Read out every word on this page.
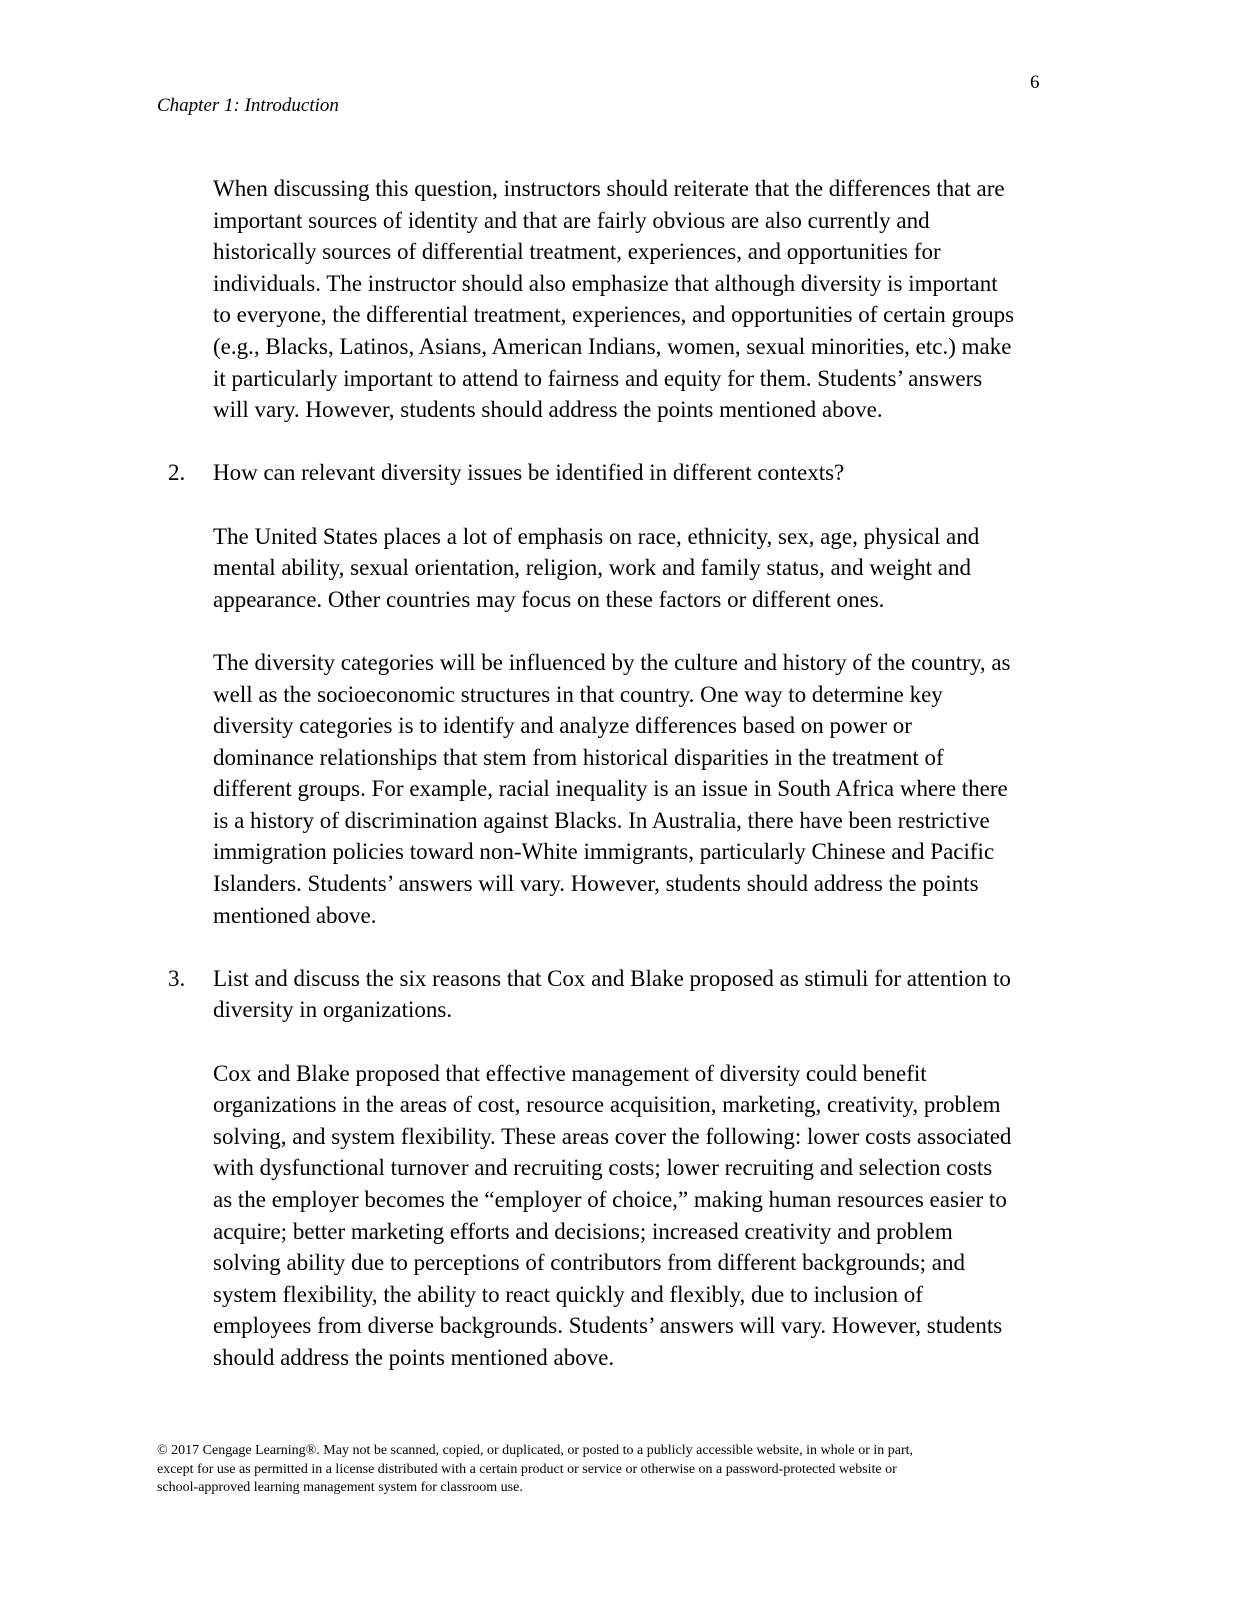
6
Chapter 1: Introduction

When discussing this question, instructors should reiterate that the differences that are
important sources of identity and that are fairly obvious are also currently and
historically sources of differential treatment, experiences, and opportunities for
individuals. The instructor should also emphasize that although diversity is important
to everyone, the differential treatment, experiences, and opportunities of certain groups
(e.g., Blacks, Latinos, Asians, American Indians, women, sexual minorities, etc.) make
it particularly important to attend to fairness and equity for them. Students’ answers
will vary. However, students should address the points mentioned above.

2. How can relevant diversity issues be identified in different contexts?

The United States places a lot of emphasis on race, ethnicity, sex, age, physical and
mental ability, sexual orientation, religion, work and family status, and weight and
appearance. Other countries may focus on these factors or different ones.

The diversity categories will be influenced by the culture and history of the country, as
well as the socioeconomic structures in that country. One way to determine key
diversity categories is to identify and analyze differences based on power or
dominance relationships that stem from historical disparities in the treatment of
different groups. For example, racial inequality is an issue in South Africa where there
is a history of discrimination against Blacks. In Australia, there have been restrictive
immigration policies toward non-White immigrants, particularly Chinese and Pacific
Islanders. Students’ answers will vary. However, students should address the points
mentioned above.

3. List and discuss the six reasons that Cox and Blake proposed as stimuli for attention to
diversity in organizations.

Cox and Blake proposed that effective management of diversity could benefit
organizations in the areas of cost, resource acquisition, marketing, creativity, problem
solving, and system flexibility. These areas cover the following: lower costs associated
with dysfunctional turnover and recruiting costs; lower recruiting and selection costs
as the employer becomes the “employer of choice,” making human resources easier to
acquire; better marketing efforts and decisions; increased creativity and problem
solving ability due to perceptions of contributors from different backgrounds; and
system flexibility, the ability to react quickly and flexibly, due to inclusion of
employees from diverse backgrounds. Students’ answers will vary. However, students
should address the points mentioned above.

© 2017 Cengage Learning®. May not be scanned, copied, or duplicated, or posted to a publicly accessible website, in whole or in part,
except for use as permitted in a license distributed with a certain product or service or otherwise on a password-protected website or
school-approved learning management system for classroom use.
